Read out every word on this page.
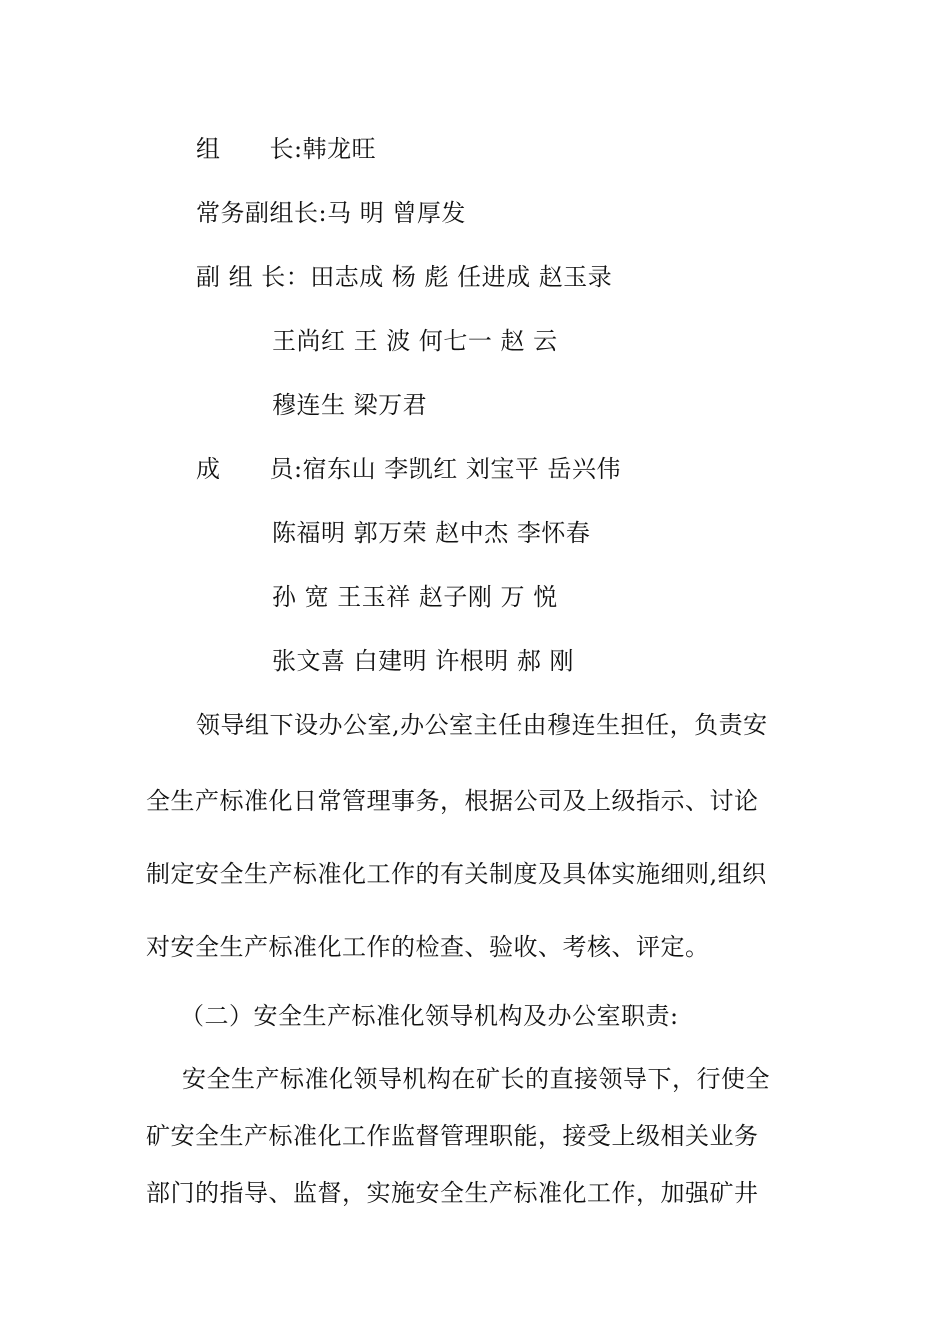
组　　长:韩龙旺
常务副组长:马 明 曾厚发
副 组 长：田志成 杨 彪 任进成 赵玉录
王尚红 王 波 何七一 赵 云
穆连生 梁万君
成　　员:宿东山 李凯红 刘宝平 岳兴伟
陈福明 郭万荣 赵中杰 李怀春
孙 宽 王玉祥 赵子刚 万 悦
张文喜 白建明 许根明 郝 刚
领导组下设办公室,办公室主任由穆连生担任，负责安
全生产标准化日常管理事务，根据公司及上级指示、讨论
制定安全生产标准化工作的有关制度及具体实施细则,组织
对安全生产标准化工作的检查、验收、考核、评定。
（二）安全生产标准化领导机构及办公室职责:
安全生产标准化领导机构在矿长的直接领导下，行使全
矿安全生产标准化工作监督管理职能，接受上级相关业务
部门的指导、监督，实施安全生产标准化工作，加强矿井
